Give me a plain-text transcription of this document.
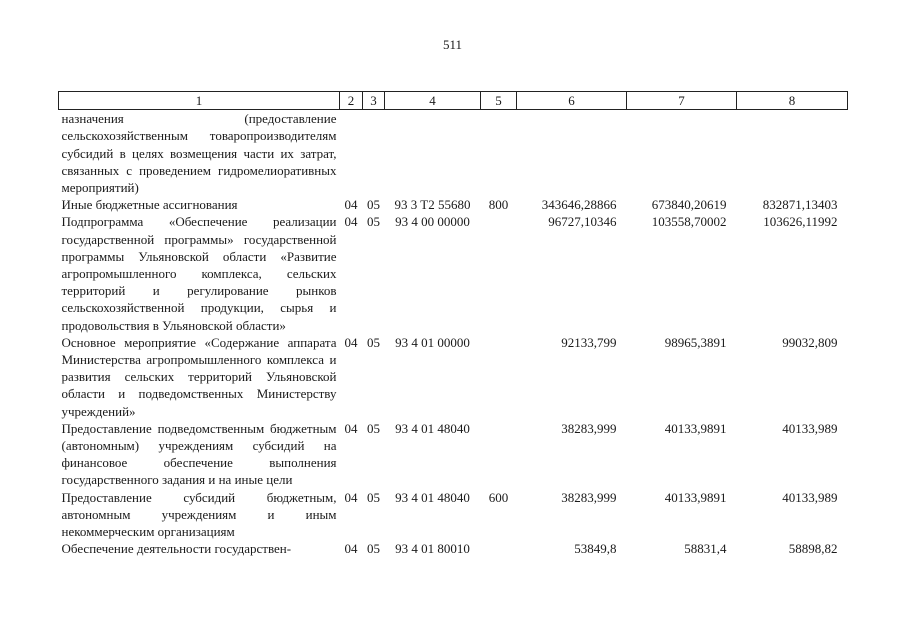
511
1	2	3	4	5	6	7	8
назначения (предоставление сельскохозяйственным товаропроизводителям субсидий в целях возмещения части их затрат, связанных с проведением гидромелиоративных мероприятий)							
Иные бюджетные ассигнования	04	05	93 3 T2 55680	800	343646,28866	673840,20619	832871,13403
Подпрограмма «Обеспечение реализации государственной программы» государственной программы Ульяновской области «Развитие агропромышленного комплекса, сельских территорий и регулирование рынков сельскохозяйственной продукции, сырья и продовольствия в Ульяновской области»	04	05	93 4 00 00000		96727,10346	103558,70002	103626,11992
Основное мероприятие «Содержание аппарата Министерства агропромышленного комплекса и развития сельских территорий Ульяновской области и подведомственных Министерству учреждений»	04	05	93 4 01 00000		92133,799	98965,3891	99032,809
Предоставление подведомственным бюджетным (автономным) учреждениям субсидий на финансовое обеспечение выполнения государственного задания и на иные цели	04	05	93 4 01 48040		38283,999	40133,9891	40133,989
Предоставление субсидий бюджетным, автономным учреждениям и иным некоммерческим организациям	04	05	93 4 01 48040	600	38283,999	40133,9891	40133,989
Обеспечение деятельности государствен-	04	05	93 4 01 80010		53849,8	58831,4	58898,82
